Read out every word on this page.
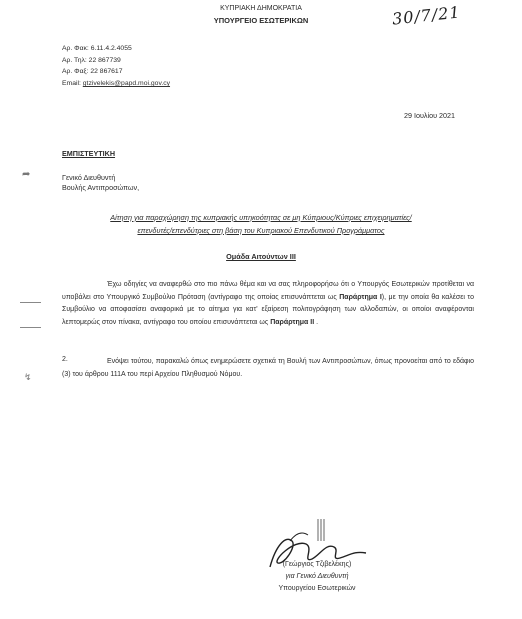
ΚΥΠΡΙΑΚΗ ΔΗΜΟΚΡΑΤΙΑ
ΥΠΟΥΡΓΕΙΟ ΕΣΩΤΕΡΙΚΩΝ	30/7/21
Αρ. Φακ: 6.11.4.2.4055
Αρ. Τηλ: 22 867739
Αρ. Φαξ: 22 867617
Email: gtzivelekis@papd.moi.gov.cy
29 Ιουλίου 2021
ΕΜΠΙΣΤΕΥΤΙΚΗ
➦	Γενικό Διευθυντή
Βουλής Αντιπροσώπων,
Αίτηση για παραχώρηση της κυπριακής υπηκοότητας σε μη Κύπριους/Κύπριες επιχειρηματίες/
επενδυτές/επενδύτριες στη βάση του Κυπριακού Επενδυτικού Προγράμματος
Ομάδα Αιτούντων ΙΙΙ
Έχω οδηγίες να αναφερθώ στο πιο πάνω θέμα και να σας πληροφορήσω ότι ο Υπουργός Εσωτερικών προτίθεται να υποβάλει στο Υπουργικό Συμβούλιο Πρόταση (αντίγραφο της οποίας επισυνάπτεται ως Παράρτημα Ι), με την οποία θα καλέσει το Συμβούλιο να αποφασίσει αναφορικά με το αίτημα για κατ' εξαίρεση πολιτογράφηση των αλλοδαπών, οι οποίοι αναφέρονται λεπτομερώς στον πίνακα, αντίγραφο του οποίου επισυνάπτεται ως Παράρτημα ΙΙ .
2.	Ενόψει τούτου, παρακαλώ όπως ενημερώσετε σχετικά τη Βουλή των Αντιπροσώπων, όπως προνοείται από το εδάφιο (3) του άρθρου 111Α του περί Αρχείου Πληθυσμού Νόμου.
↯
(Γεώργιος Τζιβελέκης)
για Γενικό Διευθυντή
Υπουργείου Εσωτερικών
